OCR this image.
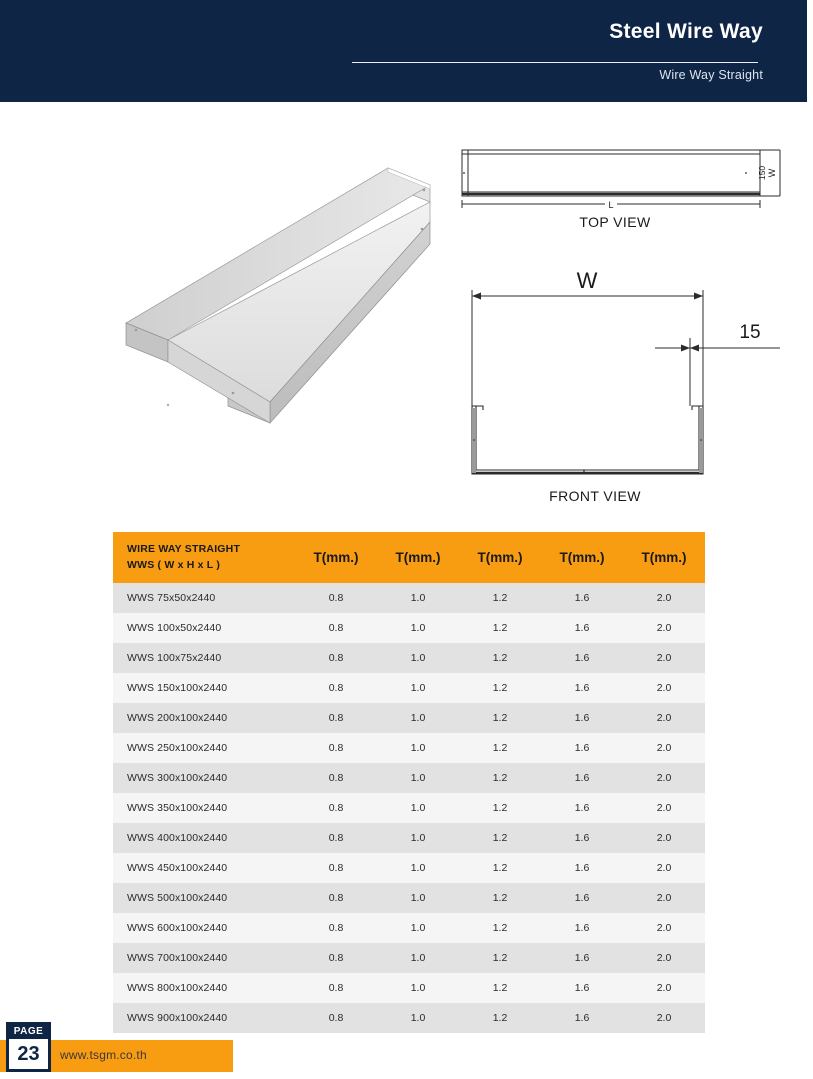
Steel Wire Way
Wire Way Straight
L
150 W
TOP VIEW
W
15
FRONT VIEW
WIRE WAY STRAIGHT
WWS ( W x H x L )	T(mm.)	T(mm.)	T(mm.)	T(mm.)	T(mm.)
WWS 75x50x2440	0.8	1.0	1.2	1.6	2.0
WWS 100x50x2440	0.8	1.0	1.2	1.6	2.0
WWS 100x75x2440	0.8	1.0	1.2	1.6	2.0
WWS 150x100x2440	0.8	1.0	1.2	1.6	2.0
WWS 200x100x2440	0.8	1.0	1.2	1.6	2.0
WWS 250x100x2440	0.8	1.0	1.2	1.6	2.0
WWS 300x100x2440	0.8	1.0	1.2	1.6	2.0
WWS 350x100x2440	0.8	1.0	1.2	1.6	2.0
WWS 400x100x2440	0.8	1.0	1.2	1.6	2.0
WWS 450x100x2440	0.8	1.0	1.2	1.6	2.0
WWS 500x100x2440	0.8	1.0	1.2	1.6	2.0
WWS 600x100x2440	0.8	1.0	1.2	1.6	2.0
WWS 700x100x2440	0.8	1.0	1.2	1.6	2.0
WWS 800x100x2440	0.8	1.0	1.2	1.6	2.0
WWS 900x100x2440	0.8	1.0	1.2	1.6	2.0
www.tsgm.co.th
PAGE
23
